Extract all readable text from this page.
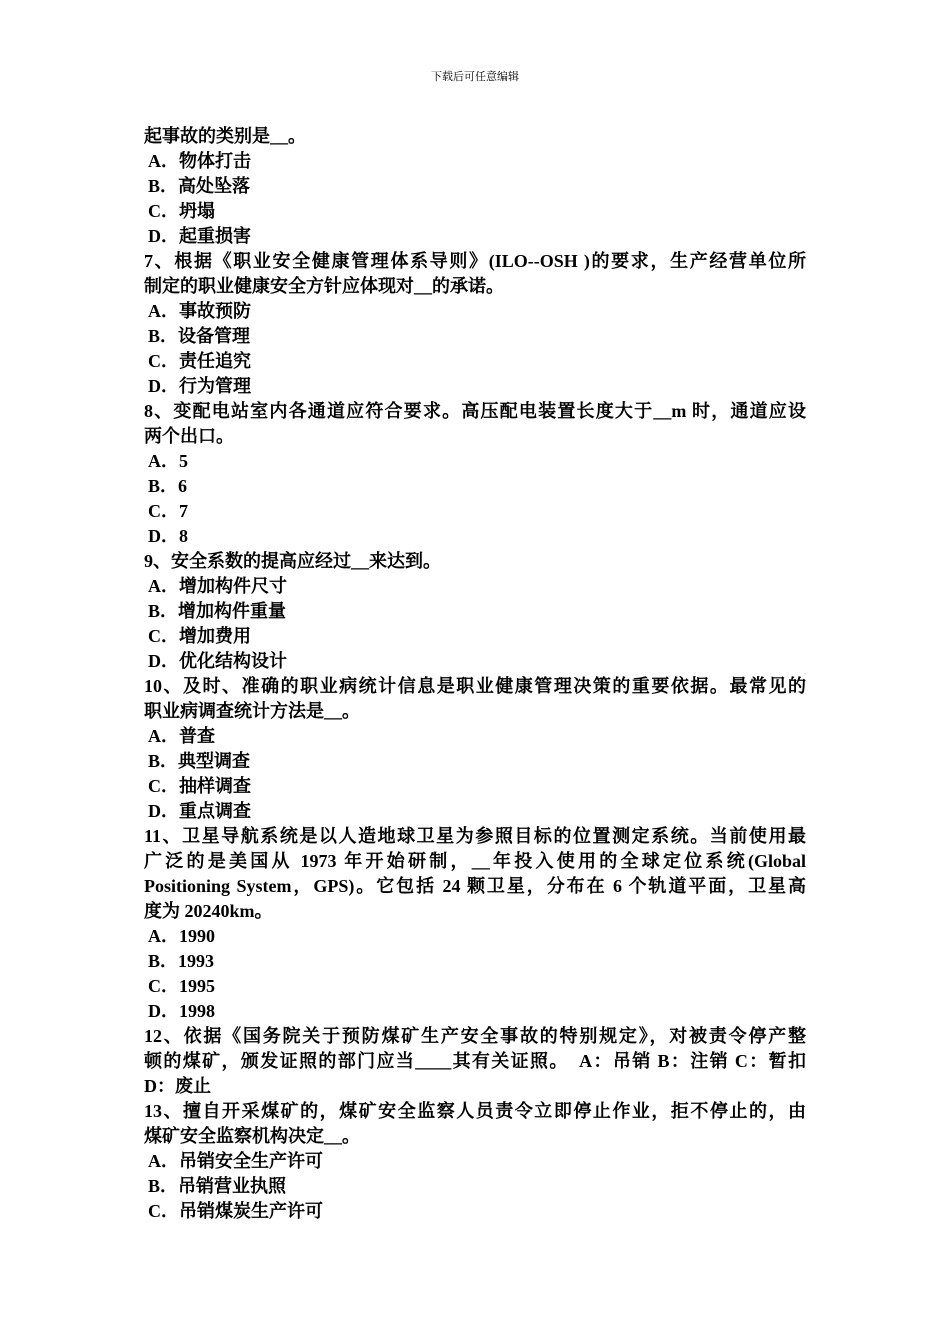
下载后可任意编辑
起事故的类别是__。
A．物体打击
B．高处坠落
C．坍塌
D．起重损害
7、根据《职业安全健康管理体系导则》(ILO--OSH )的要求，生产经营单位所
制定的职业健康安全方针应体现对__的承诺。
A．事故预防
B．设备管理
C．责任追究
D．行为管理
8、变配电站室内各通道应符合要求。高压配电装置长度大于__m 时，通道应设
两个出口。
A．5
B．6
C．7
D．8
9、安全系数的提高应经过__来达到。
A．增加构件尺寸
B．增加构件重量
C．增加费用
D．优化结构设计
10、及时、准确的职业病统计信息是职业健康管理决策的重要依据。最常见的
职业病调查统计方法是__。
A．普查
B．典型调查
C．抽样调查
D．重点调查
11、卫星导航系统是以人造地球卫星为参照目标的位置测定系统。当前使用最
广泛的是美国从 1973 年开始研制，__年投入使用的全球定位系统(Global
Positioning System，GPS)。它包括 24 颗卫星，分布在 6 个轨道平面，卫星高
度为 20240km。
A．1990
B．1993
C．1995
D．1998
12、依据《国务院关于预防煤矿生产安全事故的特别规定》，对被责令停产整
顿的煤矿，颁发证照的部门应当____其有关证照。　A：吊销 B：注销 C：暂扣
D：废止
13、擅自开采煤矿的，煤矿安全监察人员责令立即停止作业，拒不停止的，由
煤矿安全监察机构决定__。
A．吊销安全生产许可
B．吊销营业执照
C．吊销煤炭生产许可
